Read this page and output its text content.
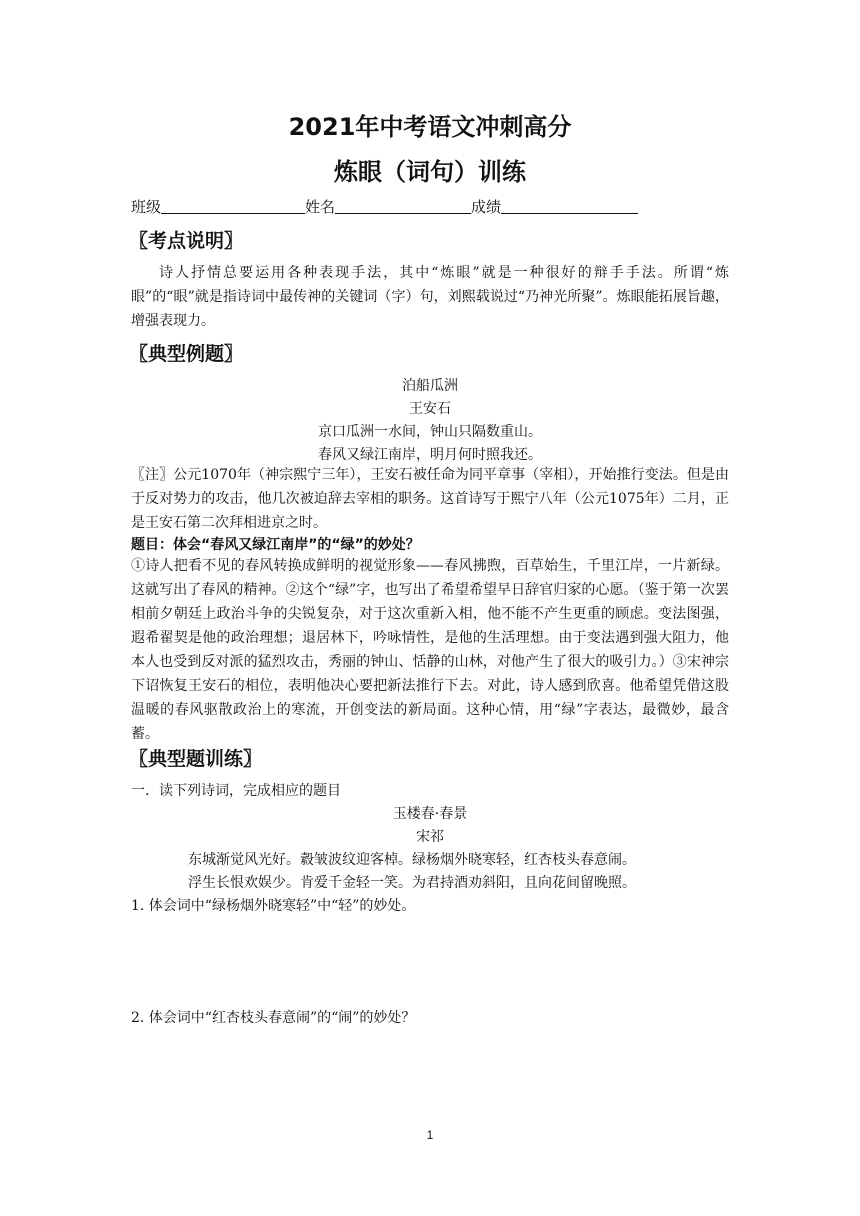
2021年中考语文冲刺高分
炼眼（词句）训练
班级	姓名	成绩
〖考点说明〗

诗人抒情总要运用各种表现手法，其中“炼眼”就是一种很好的辩手手法。所谓“炼眼”的“眼”就是指诗词中最传神的关键词（字）句，刘熙载说过“乃神光所聚”。炼眼能拓展旨趣，增强表现力。

〖典型例题〗
泊船瓜洲
王安石
京口瓜洲一水间，钟山只隔数重山。
春风又绿江南岸，明月何时照我还。

〖注〗公元1070年（神宗熙宁三年），王安石被任命为同平章事（宰相），开始推行变法。但是由于反对势力的攻击，他几次被迫辞去宰相的职务。这首诗写于熙宁八年（公元1075年）二月，正是王安石第二次拜相进京之时。

题目：体会“春风又绿江南岸”的“绿”的妙处？

①诗人把看不见的春风转换成鲜明的视觉形象——春风拂煦，百草始生，千里江岸，一片新绿。这就写出了春风的精神。②这个“绿”字，也写出了希望希望早日辞官归家的心愿。（鉴于第一次罢相前夕朝廷上政治斗争的尖锐复杂，对于这次重新入相，他不能不产生更重的顾虑。变法图强，遐希翟契是他的政治理想；退居林下，吟咏情性，是他的生活理想。由于变法遇到强大阻力，他本人也受到反对派的猛烈攻击，秀丽的钟山、恬静的山林，对他产生了很大的吸引力。）③宋神宗下诏恢复王安石的相位，表明他决心要把新法推行下去。对此，诗人感到欣喜。他希望凭借这股温暖的春风驱散政治上的寒流，开创变法的新局面。这种心情，用“绿”字表达，最微妙，最含蓄。

〖典型题训练〗
一．读下列诗词，完成相应的题目
玉楼春·春景
宋祁
东城渐觉风光好。縠皱波纹迎客棹。绿杨烟外晓寒轻，红杏枝头春意闹。
浮生长恨欢娱少。肯爱千金轻一笑。为君持酒劝斜阳，且向花间留晚照。
1. 体会词中“绿杨烟外晓寒轻”中“轻”的妙处。
2. 体会词中“红杏枝头春意闹”的“闹”的妙处？
1
